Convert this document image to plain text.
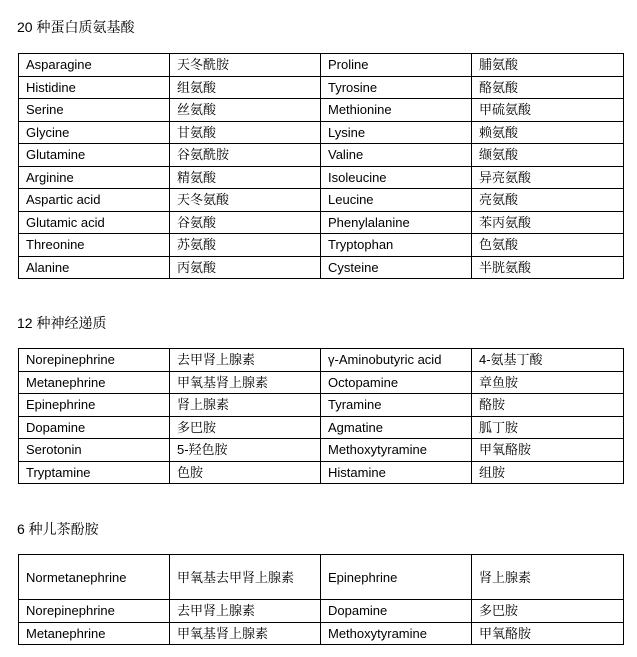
20 种蛋白质氨基酸
Asparagine	天冬酰胺	Proline	脯氨酸
Histidine	组氨酸	Tyrosine	酪氨酸
Serine	丝氨酸	Methionine	甲硫氨酸
Glycine	甘氨酸	Lysine	赖氨酸
Glutamine	谷氨酰胺	Valine	缬氨酸
Arginine	精氨酸	Isoleucine	异亮氨酸
Aspartic acid	天冬氨酸	Leucine	亮氨酸
Glutamic acid	谷氨酸	Phenylalanine	苯丙氨酸
Threonine	苏氨酸	Tryptophan	色氨酸
Alanine	丙氨酸	Cysteine	半胱氨酸
12 种神经递质
Norepinephrine	去甲肾上腺素	γ-Aminobutyric acid	4-氨基丁酸
Metanephrine	甲氧基肾上腺素	Octopamine	章鱼胺
Epinephrine	肾上腺素	Tyramine	酪胺
Dopamine	多巴胺	Agmatine	胍丁胺
Serotonin	5-羟色胺	Methoxytyramine	甲氧酪胺
Tryptamine	色胺	Histamine	组胺
6 种儿茶酚胺
Normetanephrine	甲氧基去甲肾上腺素	Epinephrine	肾上腺素
Norepinephrine	去甲肾上腺素	Dopamine	多巴胺
Metanephrine	甲氧基肾上腺素	Methoxytyramine	甲氧酪胺
